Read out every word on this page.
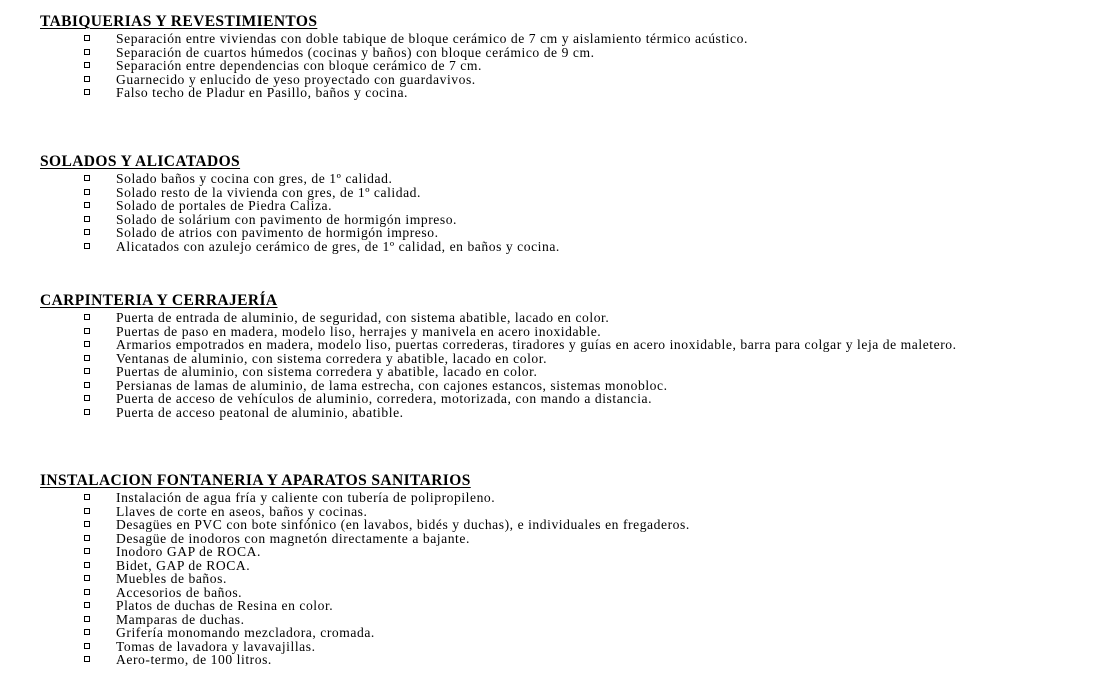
TABIQUERIAS Y REVESTIMIENTOS
Separación entre viviendas con doble tabique de bloque cerámico de 7 cm y aislamiento térmico acústico.
Separación de cuartos húmedos (cocinas y baños) con bloque cerámico de 9 cm.
Separación entre dependencias con bloque cerámico de 7 cm.
Guarnecido y enlucido de yeso proyectado con guardavivos.
Falso techo de Pladur en Pasillo, baños y cocina.
SOLADOS Y ALICATADOS
Solado baños y cocina con gres, de 1º calidad.
Solado resto de la vivienda con gres, de 1º calidad.
Solado de portales de Piedra Caliza.
Solado de solárium con pavimento de hormigón impreso.
Solado de atrios con pavimento de hormigón impreso.
Alicatados con azulejo cerámico de gres, de 1º calidad, en baños y cocina.
CARPINTERIA Y CERRAJERÍA
Puerta de entrada de aluminio, de seguridad, con sistema abatible, lacado en color.
Puertas de paso en madera, modelo liso, herrajes y manivela en acero inoxidable.
Armarios empotrados en madera, modelo liso, puertas correderas, tiradores y guías en acero inoxidable, barra para colgar y leja de maletero.
Ventanas de aluminio, con sistema corredera y abatible, lacado en color.
Puertas de aluminio, con sistema corredera y abatible, lacado en color.
Persianas de lamas de aluminio, de lama estrecha, con cajones estancos, sistemas monobloc.
Puerta de acceso de vehículos de aluminio, corredera, motorizada, con mando a distancia.
Puerta de acceso peatonal de aluminio, abatible.
INSTALACION FONTANERIA Y APARATOS SANITARIOS
Instalación de agua fría y caliente con tubería de polipropileno.
Llaves de corte en aseos, baños y cocinas.
Desagües en PVC con bote sinfónico (en lavabos, bidés y duchas), e individuales en fregaderos.
Desagüe de inodoros con magnetón directamente a bajante.
Inodoro GAP de ROCA.
Bidet, GAP de ROCA.
Muebles de baños.
Accesorios de baños.
Platos de duchas de Resina en color.
Mamparas de duchas.
Grifería monomando mezcladora, cromada.
Tomas de lavadora y lavavajillas.
Aero-termo, de 100 litros.
